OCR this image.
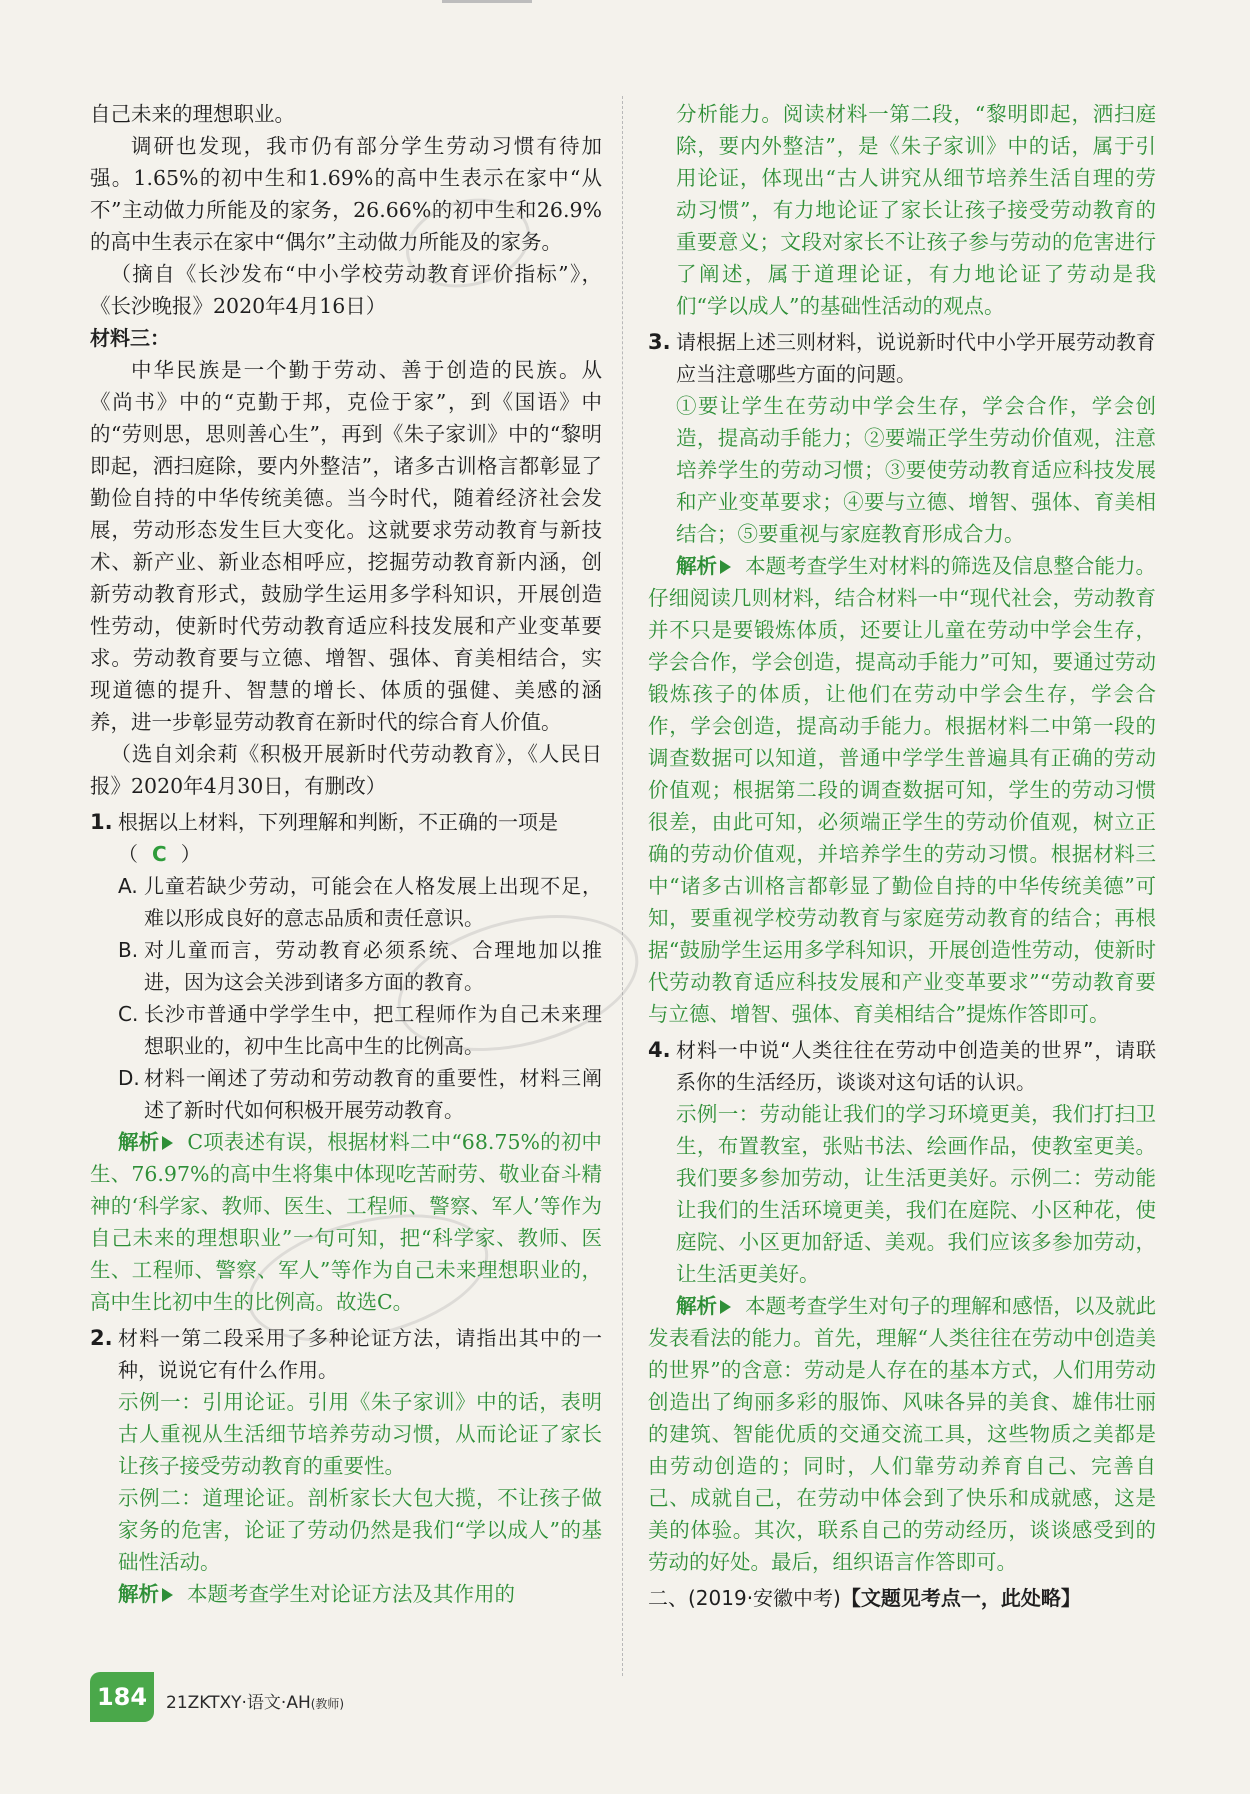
自己未来的理想职业。

调研也发现，我市仍有部分学生劳动习惯有待加强。1.65%的初中生和1.69%的高中生表示在家中“从不”主动做力所能及的家务，26.66%的初中生和26.9%的高中生表示在家中“偶尔”主动做力所能及的家务。

（摘自《长沙发布“中小学校劳动教育评价指标”》，《长沙晚报》2020年4月16日）

材料三：

中华民族是一个勤于劳动、善于创造的民族。从《尚书》中的“克勤于邦，克俭于家”，到《国语》中的“劳则思，思则善心生”，再到《朱子家训》中的“黎明即起，洒扫庭除，要内外整洁”，诸多古训格言都彰显了勤俭自持的中华传统美德。当今时代，随着经济社会发展，劳动形态发生巨大变化。这就要求劳动教育与新技术、新产业、新业态相呼应，挖掘劳动教育新内涵，创新劳动教育形式，鼓励学生运用多学科知识，开展创造性劳动，使新时代劳动教育适应科技发展和产业变革要求。劳动教育要与立德、增智、强体、育美相结合，实现道德的提升、智慧的增长、体质的强健、美感的涵养，进一步彰显劳动教育在新时代的综合育人价值。

（选自刘余莉《积极开展新时代劳动教育》，《人民日报》2020年4月30日，有删改）

1. 根据以上材料，下列理解和判断，不正确的一项是
（ C ）
A. 儿童若缺少劳动，可能会在人格发展上出现不足，难以形成良好的意志品质和责任意识。
B. 对儿童而言，劳动教育必须系统、合理地加以推进，因为这会关涉到诸多方面的教育。
C. 长沙市普通中学学生中，把工程师作为自己未来理想职业的，初中生比高中生的比例高。
D. 材料一阐述了劳动和劳动教育的重要性，材料三阐述了新时代如何积极开展劳动教育。

解析 C项表述有误，根据材料二中“68.75%的初中生、76.97%的高中生将集中体现吃苦耐劳、敬业奋斗精神的‘科学家、教师、医生、工程师、警察、军人’等作为自己未来的理想职业”一句可知，把“科学家、教师、医生、工程师、警察、军人”等作为自己未来理想职业的，高中生比初中生的比例高。故选C。

2. 材料一第二段采用了多种论证方法，请指出其中的一种，说说它有什么作用。

示例一：引用论证。引用《朱子家训》中的话，表明古人重视从生活细节培养劳动习惯，从而论证了家长让孩子接受劳动教育的重要性。

示例二：道理论证。剖析家长大包大揽，不让孩子做家务的危害，论证了劳动仍然是我们“学以成人”的基础性活动。

解析 本题考查学生对论证方法及其作用的

分析能力。阅读材料一第二段，“黎明即起，洒扫庭除，要内外整洁”，是《朱子家训》中的话，属于引用论证，体现出“古人讲究从细节培养生活自理的劳动习惯”，有力地论证了家长让孩子接受劳动教育的重要意义；文段对家长不让孩子参与劳动的危害进行了阐述，属于道理论证，有力地论证了劳动是我们“学以成人”的基础性活动的观点。

3. 请根据上述三则材料，说说新时代中小学开展劳动教育应当注意哪些方面的问题。

①要让学生在劳动中学会生存，学会合作，学会创造，提高动手能力；②要端正学生劳动价值观，注意培养学生的劳动习惯；③要使劳动教育适应科技发展和产业变革要求；④要与立德、增智、强体、育美相结合；⑤要重视与家庭教育形成合力。

解析 本题考查学生对材料的筛选及信息整合能力。仔细阅读几则材料，结合材料一中“现代社会，劳动教育并不只是要锻炼体质，还要让儿童在劳动中学会生存，学会合作，学会创造，提高动手能力”可知，要通过劳动锻炼孩子的体质，让他们在劳动中学会生存，学会合作，学会创造，提高动手能力。根据材料二中第一段的调查数据可以知道，普通中学学生普遍具有正确的劳动价值观；根据第二段的调查数据可知，学生的劳动习惯很差，由此可知，必须端正学生的劳动价值观，树立正确的劳动价值观，并培养学生的劳动习惯。根据材料三中“诸多古训格言都彰显了勤俭自持的中华传统美德”可知，要重视学校劳动教育与家庭劳动教育的结合；再根据“鼓励学生运用多学科知识，开展创造性劳动，使新时代劳动教育适应科技发展和产业变革要求”“劳动教育要与立德、增智、强体、育美相结合”提炼作答即可。

4. 材料一中说“人类往往在劳动中创造美的世界”，请联系你的生活经历，谈谈对这句话的认识。

示例一：劳动能让我们的学习环境更美，我们打扫卫生，布置教室，张贴书法、绘画作品，使教室更美。我们要多参加劳动，让生活更美好。示例二：劳动能让我们的生活环境更美，我们在庭院、小区种花，使庭院、小区更加舒适、美观。我们应该多参加劳动，让生活更美好。

解析 本题考查学生对句子的理解和感悟，以及就此发表看法的能力。首先，理解“人类往往在劳动中创造美的世界”的含意：劳动是人存在的基本方式，人们用劳动创造出了绚丽多彩的服饰、风味各异的美食、雄伟壮丽的建筑、智能优质的交通交流工具，这些物质之美都是由劳动创造的；同时，人们靠劳动养育自己、完善自己、成就自己，在劳动中体会到了快乐和成就感，这是美的体验。其次，联系自己的劳动经历，谈谈感受到的劳动的好处。最后，组织语言作答即可。

二、(2019·安徽中考)【文题见考点一，此处略】
184	21ZKTXY·语文·AH(教师)
